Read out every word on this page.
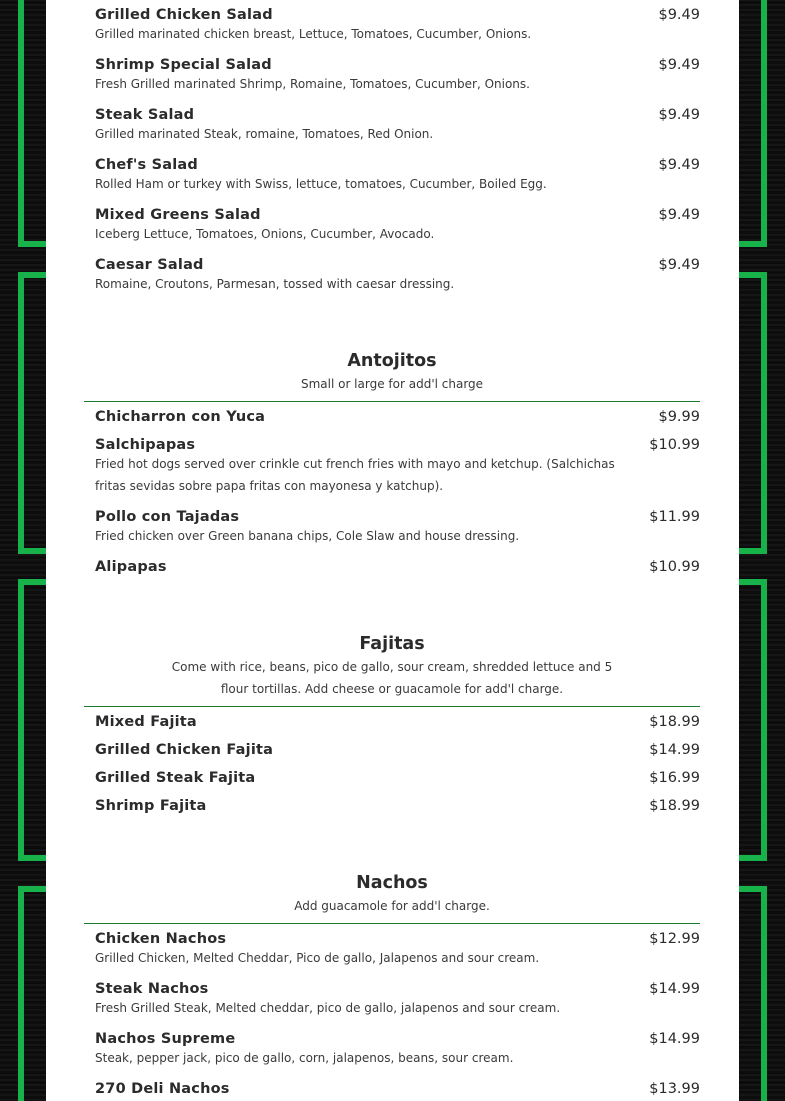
Grilled Chicken Salad	$9.49
Grilled marinated chicken breast, Lettuce, Tomatoes, Cucumber, Onions.
Shrimp Special Salad	$9.49
Fresh Grilled marinated Shrimp, Romaine, Tomatoes, Cucumber, Onions.
Steak Salad	$9.49
Grilled marinated Steak, romaine, Tomatoes, Red Onion.
Chef's Salad	$9.49
Rolled Ham or turkey with Swiss, lettuce, tomatoes, Cucumber, Boiled Egg.
Mixed Greens Salad	$9.49
Iceberg Lettuce, Tomatoes, Onions, Cucumber, Avocado.
Caesar Salad	$9.49
Romaine, Croutons, Parmesan, tossed with caesar dressing.
Antojitos
Small or large for add'l charge
Chicharron con Yuca	$9.99
Salchipapas	$10.99
Fried hot dogs served over crinkle cut french fries with mayo and ketchup. (Salchichas fritas sevidas sobre papa fritas con mayonesa y katchup).
Pollo con Tajadas	$11.99
Fried chicken over Green banana chips, Cole Slaw and house dressing.
Alipapas	$10.99
Fajitas
Come with rice, beans, pico de gallo, sour cream, shredded lettuce and 5 flour tortillas. Add cheese or guacamole for add'l charge.
Mixed Fajita	$18.99
Grilled Chicken Fajita	$14.99
Grilled Steak Fajita	$16.99
Shrimp Fajita	$18.99
Nachos
Add guacamole for add'l charge.
Chicken Nachos	$12.99
Grilled Chicken, Melted Cheddar, Pico de gallo, Jalapenos and sour cream.
Steak Nachos	$14.99
Fresh Grilled Steak, Melted cheddar, pico de gallo, jalapenos and sour cream.
Nachos Supreme	$14.99
Steak, pepper jack, pico de gallo, corn, jalapenos, beans, sour cream.
270 Deli Nachos	$13.99
